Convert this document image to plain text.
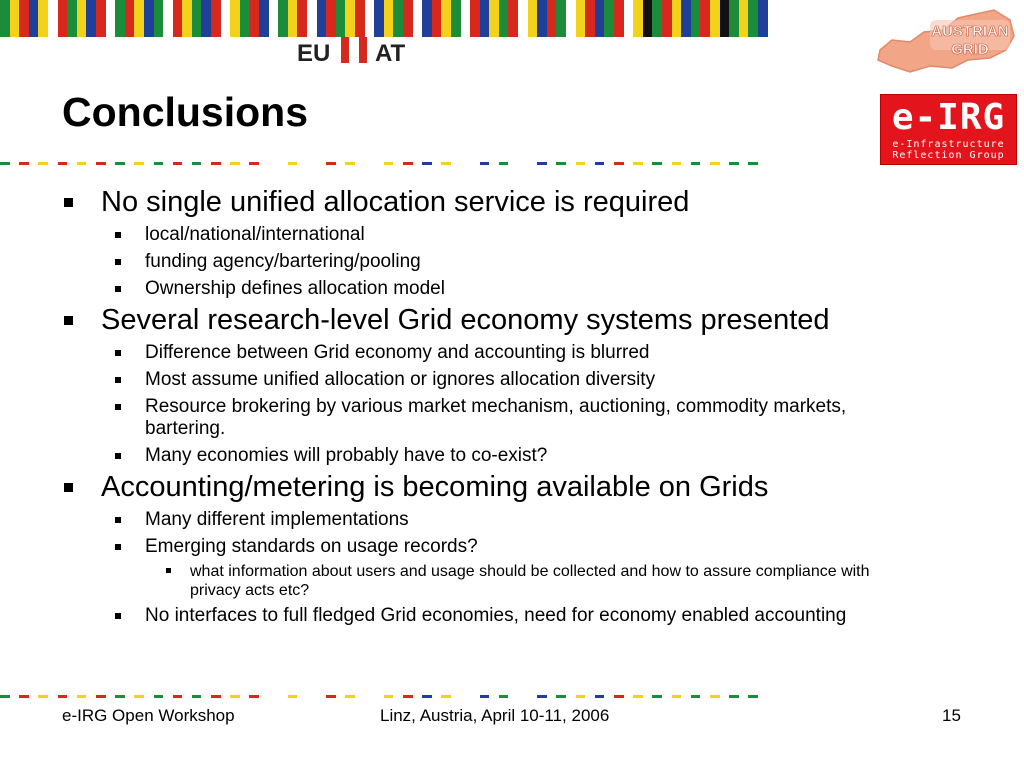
EU AT
Conclusions
AUSTRIAN
GRID
e-IRG
e-Infrastructure
Reflection Group
No single unified allocation service is required
local/national/international
funding agency/bartering/pooling
Ownership defines allocation model
Several research-level Grid economy systems presented
Difference between Grid economy and accounting is blurred
Most assume unified allocation or ignores allocation diversity
Resource brokering by various market mechanism, auctioning, commodity markets, bartering.
Many economies will probably have to co-exist?
Accounting/metering is becoming available on Grids
Many different implementations
Emerging standards on usage records?
what information about users and usage should be collected and how to assure compliance with privacy acts etc?
No interfaces to full fledged Grid economies, need for economy enabled accounting
e-IRG Open Workshop	Linz, Austria, April 10-11, 2006	15
